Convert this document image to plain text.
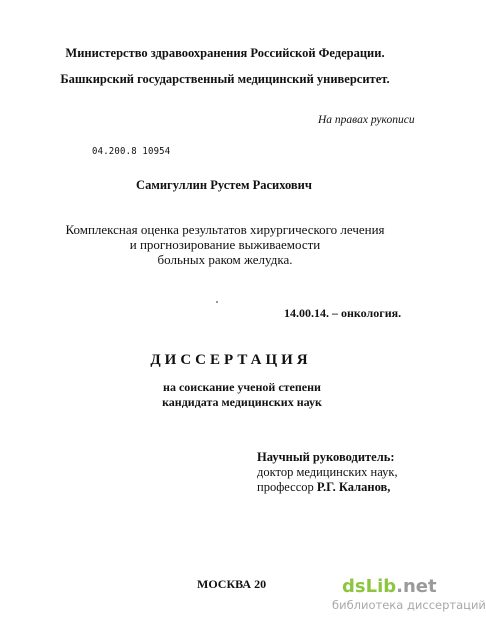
Министерство здравоохранения Российской Федерации.
Башкирский государственный медицинский университет.
На правах рукописи
04.200.8 10954
Самигуллин Рустем Расихович
Комплексная оценка результатов хирургического лечения
и прогнозирование выживаемости
больных раком желудка.
14.00.14. – онкология.
ДИССЕРТАЦИЯ
на соискание ученой степени
кандидата медицинских наук
Научный руководитель:
доктор медицинских наук,
профессор Р.Г. Каланов,
МОСКВА 20	dsLib.net
библиотека диссертаций
